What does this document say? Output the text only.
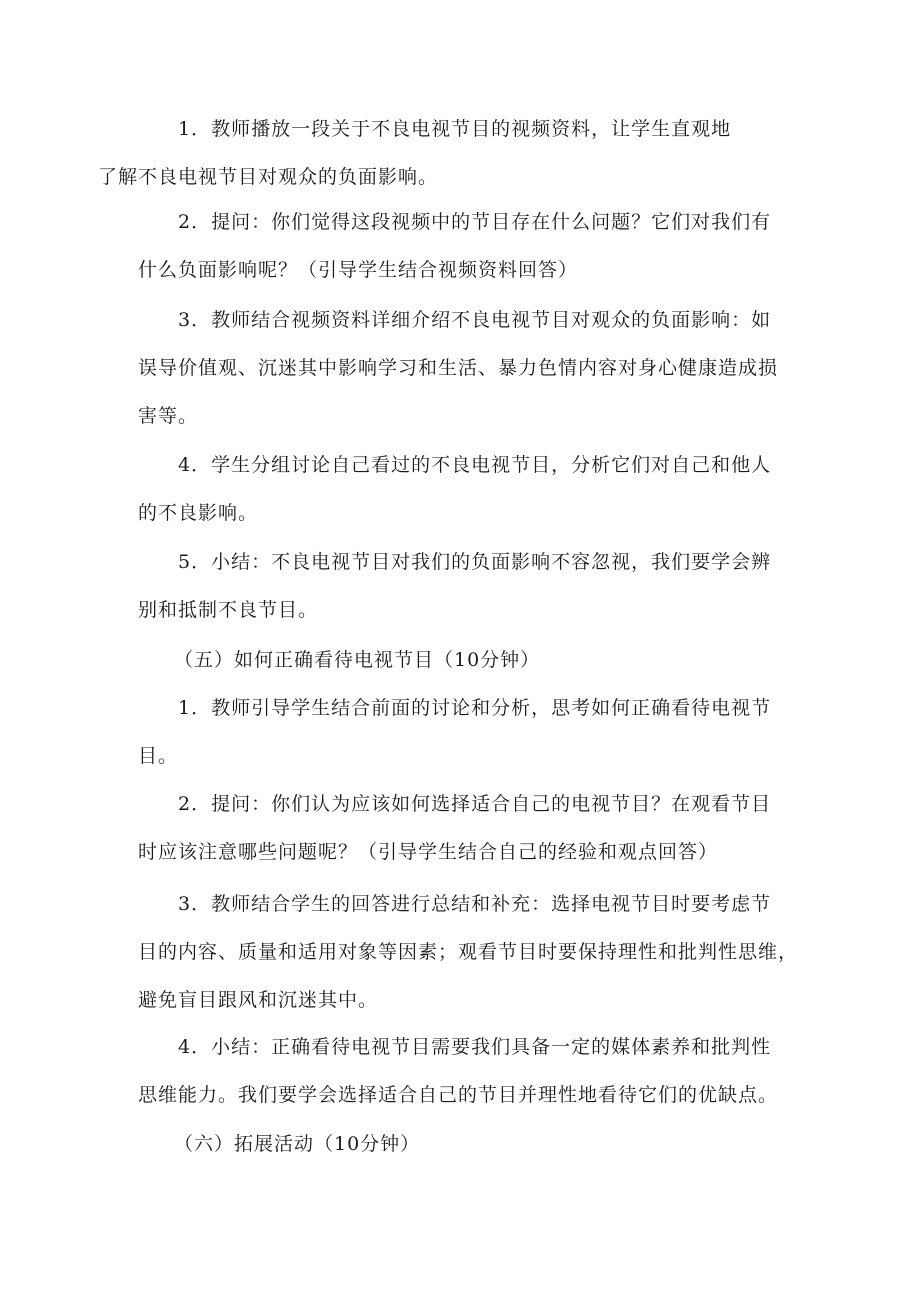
1．教师播放一段关于不良电视节目的视频资料，让学生直观地
了解不良电视节目对观众的负面影响。

2．提问：你们觉得这段视频中的节目存在什么问题？它们对我们有
什么负面影响呢？（引导学生结合视频资料回答）

3．教师结合视频资料详细介绍不良电视节目对观众的负面影响：如
误导价值观、沉迷其中影响学习和生活、暴力色情内容对身心健康造成损
害等。

4．学生分组讨论自己看过的不良电视节目，分析它们对自己和他人
的不良影响。

5．小结：不良电视节目对我们的负面影响不容忽视，我们要学会辨
别和抵制不良节目。

（五）如何正确看待电视节目（10分钟）

1．教师引导学生结合前面的讨论和分析，思考如何正确看待电视节
目。

2．提问：你们认为应该如何选择适合自己的电视节目？在观看节目
时应该注意哪些问题呢？（引导学生结合自己的经验和观点回答）

3．教师结合学生的回答进行总结和补充：选择电视节目时要考虑节
目的内容、质量和适用对象等因素；观看节目时要保持理性和批判性思维，
避免盲目跟风和沉迷其中。

4．小结：正确看待电视节目需要我们具备一定的媒体素养和批判性
思维能力。我们要学会选择适合自己的节目并理性地看待它们的优缺点。

（六）拓展活动（10分钟）
